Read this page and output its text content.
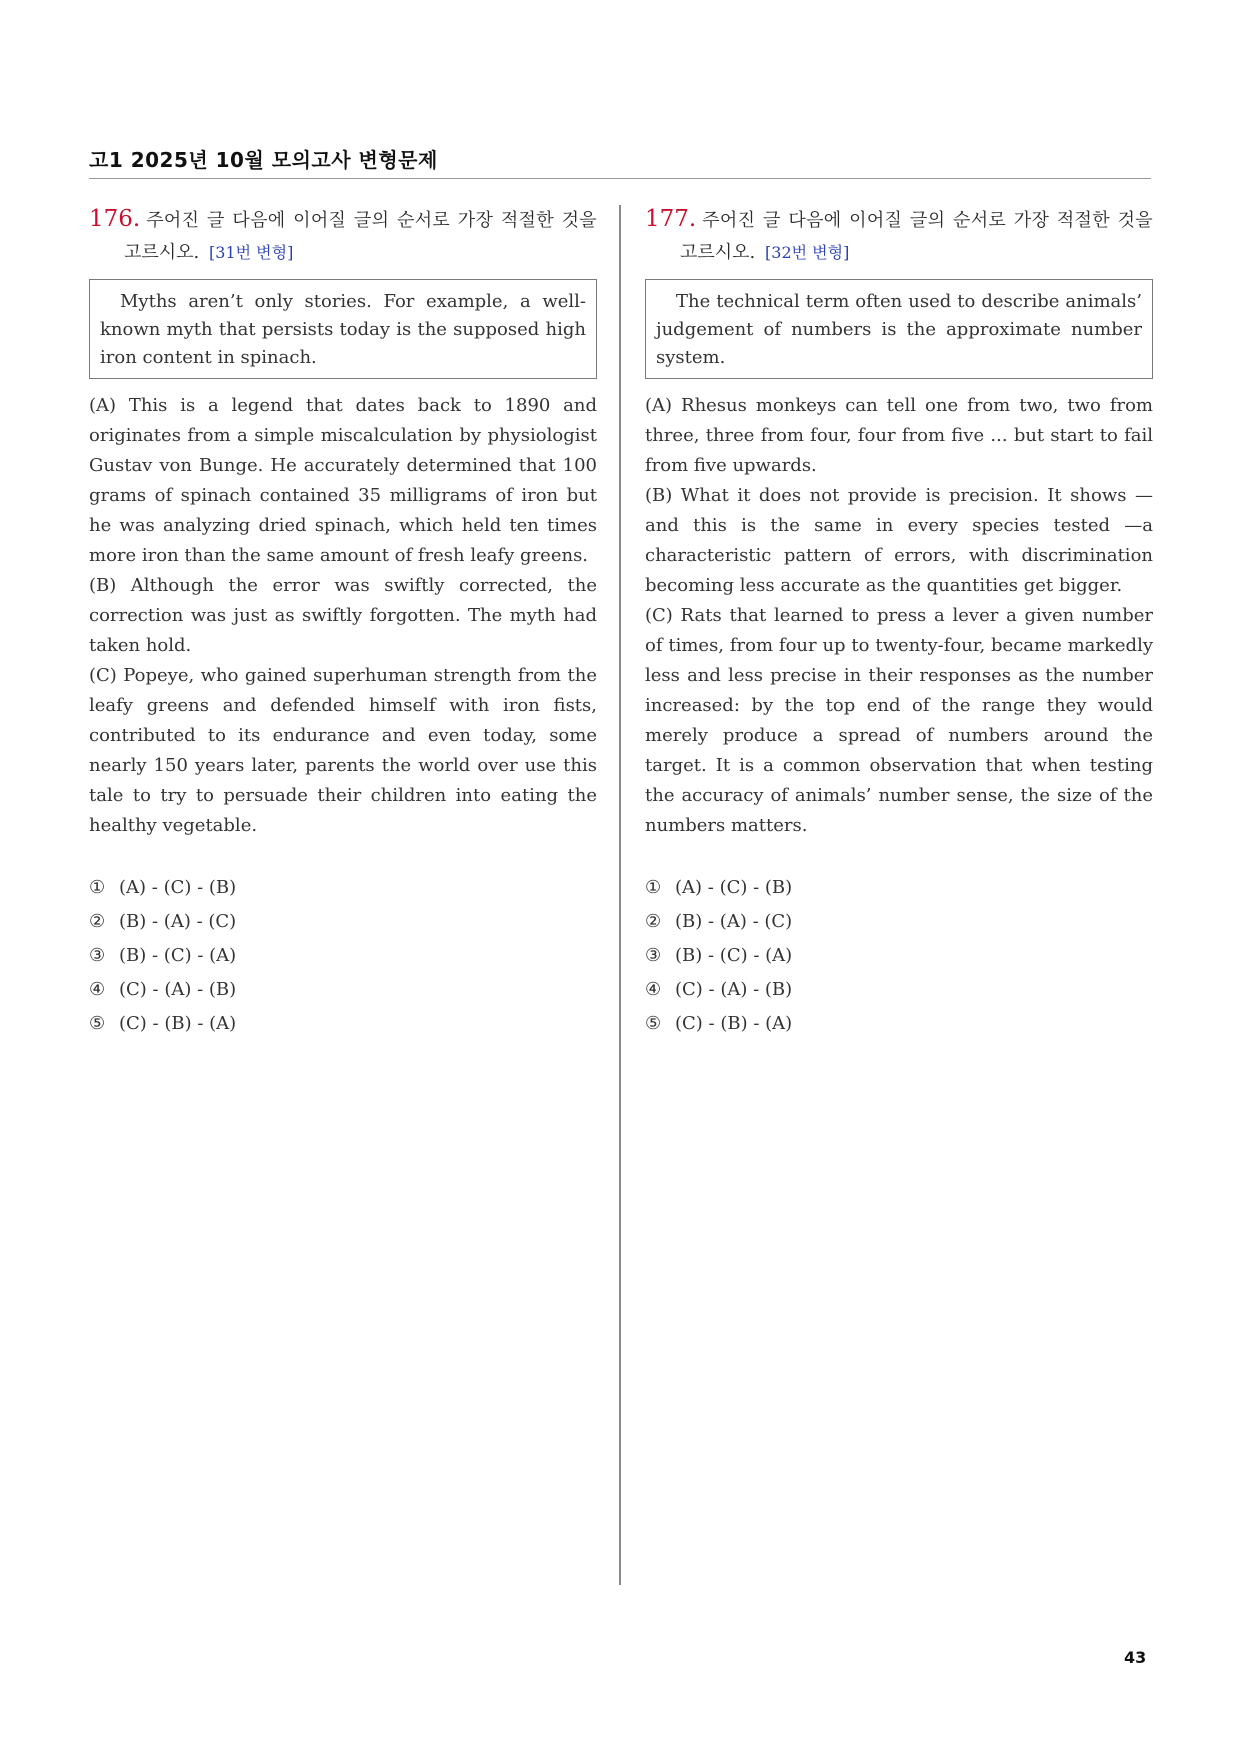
고1 2025년 10월 모의고사 변형문제
176. 주어진 글 다음에 이어질 글의 순서로 가장 적절한 것을
고르시오. [31번 변형]
Myths aren’t only stories. For example, a well-known myth that persists today is the supposed high iron content in spinach.

(A) This is a legend that dates back to 1890 and originates from a simple miscalculation by physiologist Gustav von Bunge. He accurately determined that 100 grams of spinach contained 35 milligrams of iron but he was analyzing dried spinach, which held ten times more iron than the same amount of fresh leafy greens.

(B) Although the error was swiftly corrected, the correction was just as swiftly forgotten. The myth had taken hold.

(C) Popeye, who gained superhuman strength from the leafy greens and defended himself with iron fists, contributed to its endurance and even today, some nearly 150 years later, parents the world over use this tale to try to persuade their children into eating the healthy vegetable.

① (A) - (C) - (B)
② (B) - (A) - (C)
③ (B) - (C) - (A)
④ (C) - (A) - (B)
⑤ (C) - (B) - (A)
177. 주어진 글 다음에 이어질 글의 순서로 가장 적절한 것을
고르시오. [32번 변형]
The technical term often used to describe animals’ judgement of numbers is the approximate number system.

(A) Rhesus monkeys can tell one from two, two from three, three from four, four from five ... but start to fail from five upwards.

(B) What it does not provide is precision. It shows —and this is the same in every species tested —a characteristic pattern of errors, with discrimination becoming less accurate as the quantities get bigger.

(C) Rats that learned to press a lever a given number of times, from four up to twenty-four, became markedly less and less precise in their responses as the number increased: by the top end of the range they would merely produce a spread of numbers around the target. It is a common observation that when testing the accuracy of animals’ number sense, the size of the numbers matters.

① (A) - (C) - (B)
② (B) - (A) - (C)
③ (B) - (C) - (A)
④ (C) - (A) - (B)
⑤ (C) - (B) - (A)
43
